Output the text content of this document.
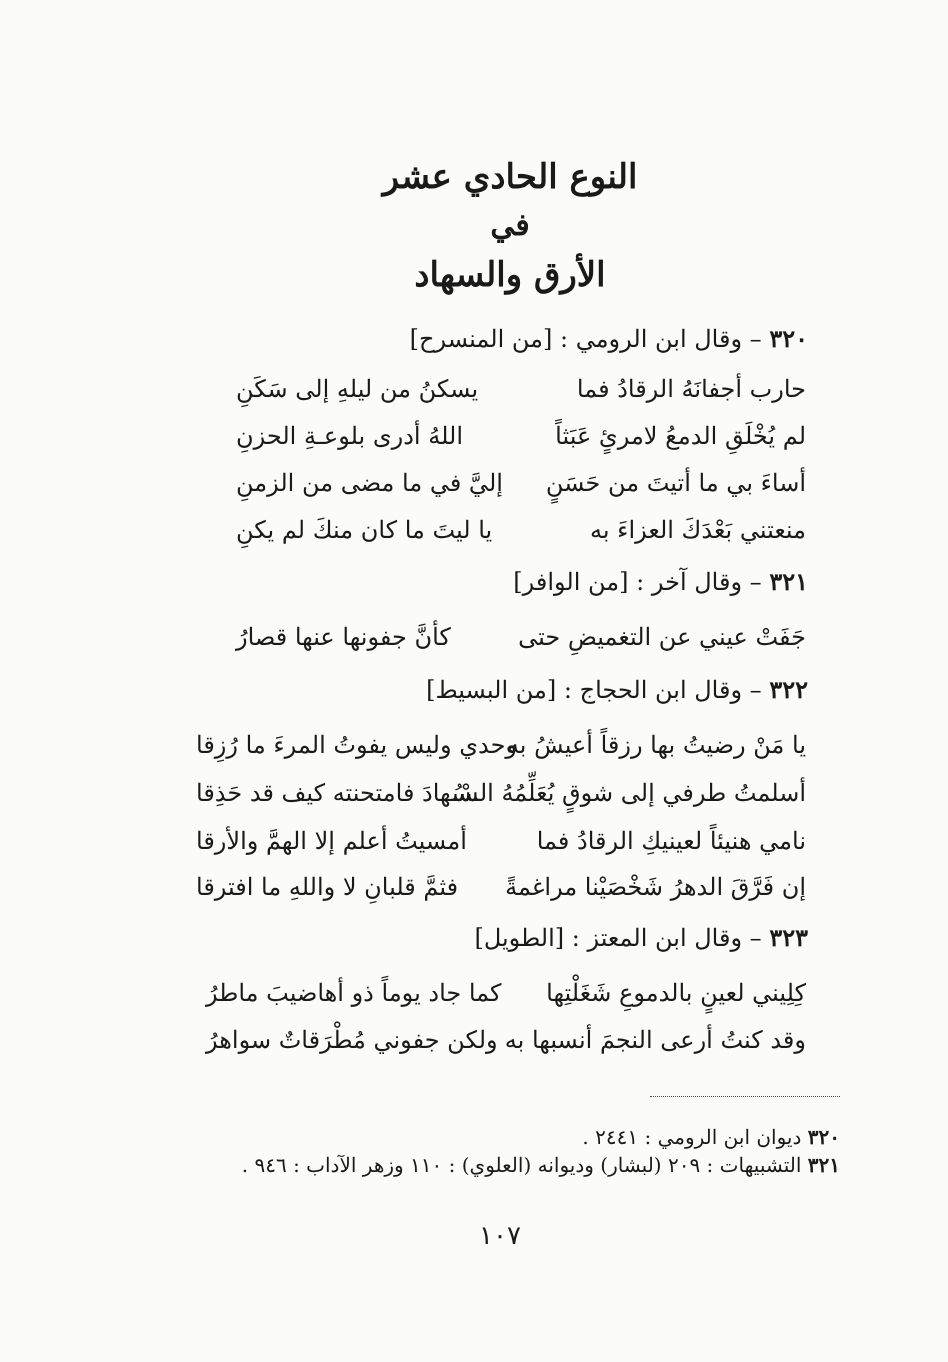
النوع الحادي عشر
في
الأرق والسهاد
٣٢٠ – وقال ابن الرومي : [من المنسرح]
حارب أجفانَهُ الرقادُ فما
يسكنُ من ليلهِ إلى سَكَنِ
لم يُخْلَقِ الدمعُ لامرئٍ عَبَثاً
اللهُ أدرى بلوعـةِ الحزنِ
أساءَ بي ما أتيتَ من حَسَنٍ
إليَّ في ما مضى من الزمنِ
منعتني بَعْدَكَ العزاءَ به
يا ليتَ ما كان منكَ لم يكنِ
٣٢١ – وقال آخر : [من الوافر]
جَفَتْ عيني عن التغميضِ حتى
كأنَّ جفونها عنها قصارُ
٣٢٢ – وقال ابن الحجاج : [من البسيط]
يا مَنْ رضيتُ بها رزقاً أعيشُ به
وحدي وليس يفوتُ المرءَ ما رُزِقا
أسلمتُ طرفي إلى شوقٍ يُعَلِّمُهُ السْـ
ـسُهادَ فامتحنته كيف قد حَذِقا
نامي هنيئاً لعينيكِ الرقادُ فما
أمسيتُ أعلم إلا الهمَّ والأرقا
إن فَرَّقَ الدهرُ شَخْصَيْنا مراغمةً
فثمَّ قلبانِ لا واللهِ ما افترقا
٣٢٣ – وقال ابن المعتز : [الطويل]
كِلِيني لعينٍ بالدموعِ شَغَلْتِها
كما جاد يوماً ذو أهاضيبَ ماطرُ
وقد كنتُ أرعى النجمَ أنسبها به
ولكن جفوني مُطْرَقاتٌ سواهرُ
٣٢٠ ديوان ابن الرومي : ٢٤٤١ .
٣٢١ التشبيهات : ٢٠٩ (لبشار) وديوانه (العلوي) : ١١٠ وزهر الآداب : ٩٤٦ .
١٠٧
